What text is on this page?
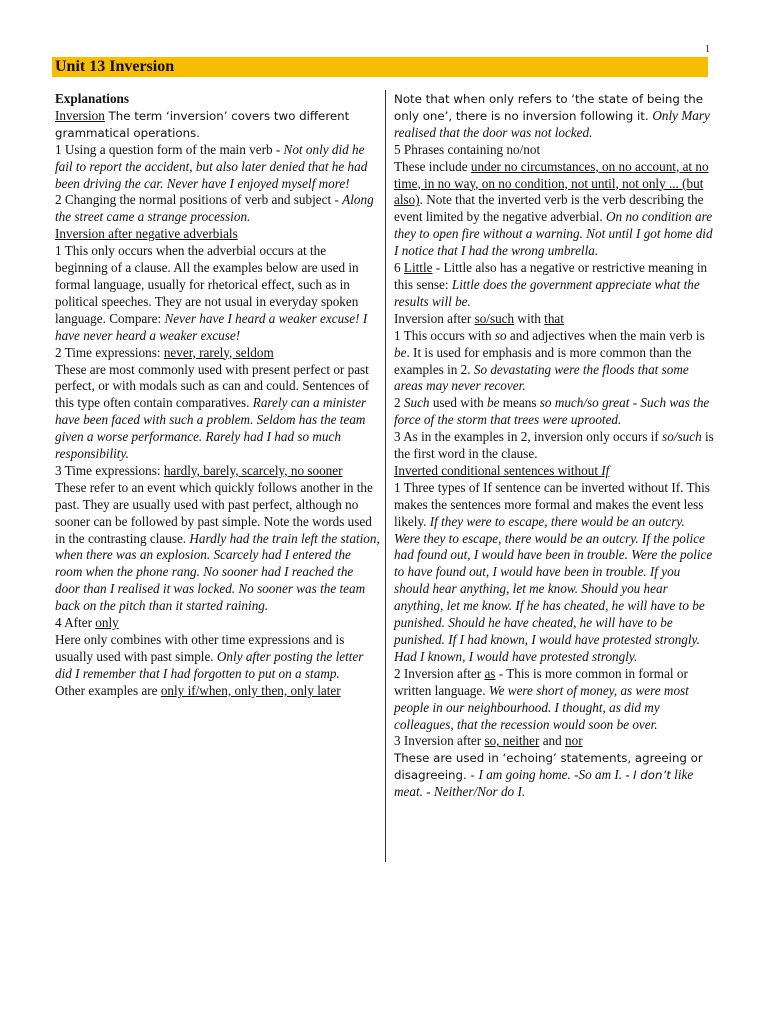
1
Unit 13 Inversion

Explanations

Inversion The term ‘inversion’ covers two different grammatical operations.

1 Using a question form of the main verb - Not only did he fail to report the accident, but also later denied that he had been driving the car. Never have I enjoyed myself more!

2 Changing the normal positions of verb and subject - Along the street came a strange procession.

Inversion after negative adverbials

1 This only occurs when the adverbial occurs at the beginning of a clause. All the examples below are used in formal language, usually for rhetorical effect, such as in political speeches. They are not usual in everyday spoken language. Compare: Never have I heard a weaker excuse! I have never heard a weaker excuse!

2 Time expressions: never, rarely, seldom

These are most commonly used with present perfect or past perfect, or with modals such as can and could. Sentences of this type often contain comparatives. Rarely can a minister have been faced with such a problem. Seldom has the team given a worse performance. Rarely had I had so much responsibility.

3 Time expressions: hardly, barely, scarcely, no sooner

These refer to an event which quickly follows another in the past. They are usually used with past perfect, although no sooner can be followed by past simple. Note the words used in the contrasting clause. Hardly had the train left the station, when there was an explosion. Scarcely had I entered the room when the phone rang. No sooner had I reached the door than I realised it was locked. No sooner was the team back on the pitch than it started raining.

4 After only

Here only combines with other time expressions and is usually used with past simple. Only after posting the letter did I remember that I had forgotten to put on a stamp.

Other examples are only if/when, only then, only later

Note that when only refers to ‘the state of being the only one’, there is no inversion following it. Only Mary realised that the door was not locked.

5 Phrases containing no/not

These include under no circumstances, on no account, at no time, in no way, on no condition, not until, not only ... (but also). Note that the inverted verb is the verb describing the event limited by the negative adverbial. On no condition are they to open fire without a warning. Not until I got home did I notice that I had the wrong umbrella.

6 Little - Little also has a negative or restrictive meaning in this sense: Little does the government appreciate what the results will be.

Inversion after so/such with that

1 This occurs with so and adjectives when the main verb is be. It is used for emphasis and is more common than the examples in 2. So devastating were the floods that some areas may never recover.

2 Such used with be means so much/so great - Such was the force of the storm that trees were uprooted.

3 As in the examples in 2, inversion only occurs if so/such is the first word in the clause.

Inverted conditional sentences without If

1 Three types of If sentence can be inverted without If. This makes the sentences more formal and makes the event less likely. If they were to escape, there would be an outcry. Were they to escape, there would be an outcry. If the police had found out, I would have been in trouble. Were the police to have found out, I would have been in trouble. If you should hear anything, let me know. Should you hear anything, let me know. If he has cheated, he will have to be punished. Should he have cheated, he will have to be punished. If I had known, I would have protested strongly. Had I known, I would have protested strongly.

2 Inversion after as - This is more common in formal or written language. We were short of money, as were most people in our neighbourhood. I thought, as did my colleagues, that the recession would soon be over.

3 Inversion after so, neither and nor

These are used in ‘echoing’ statements, agreeing or disagreeing. - I am going home. -So am I. - I don’t like meat. - Neither/Nor do I.
